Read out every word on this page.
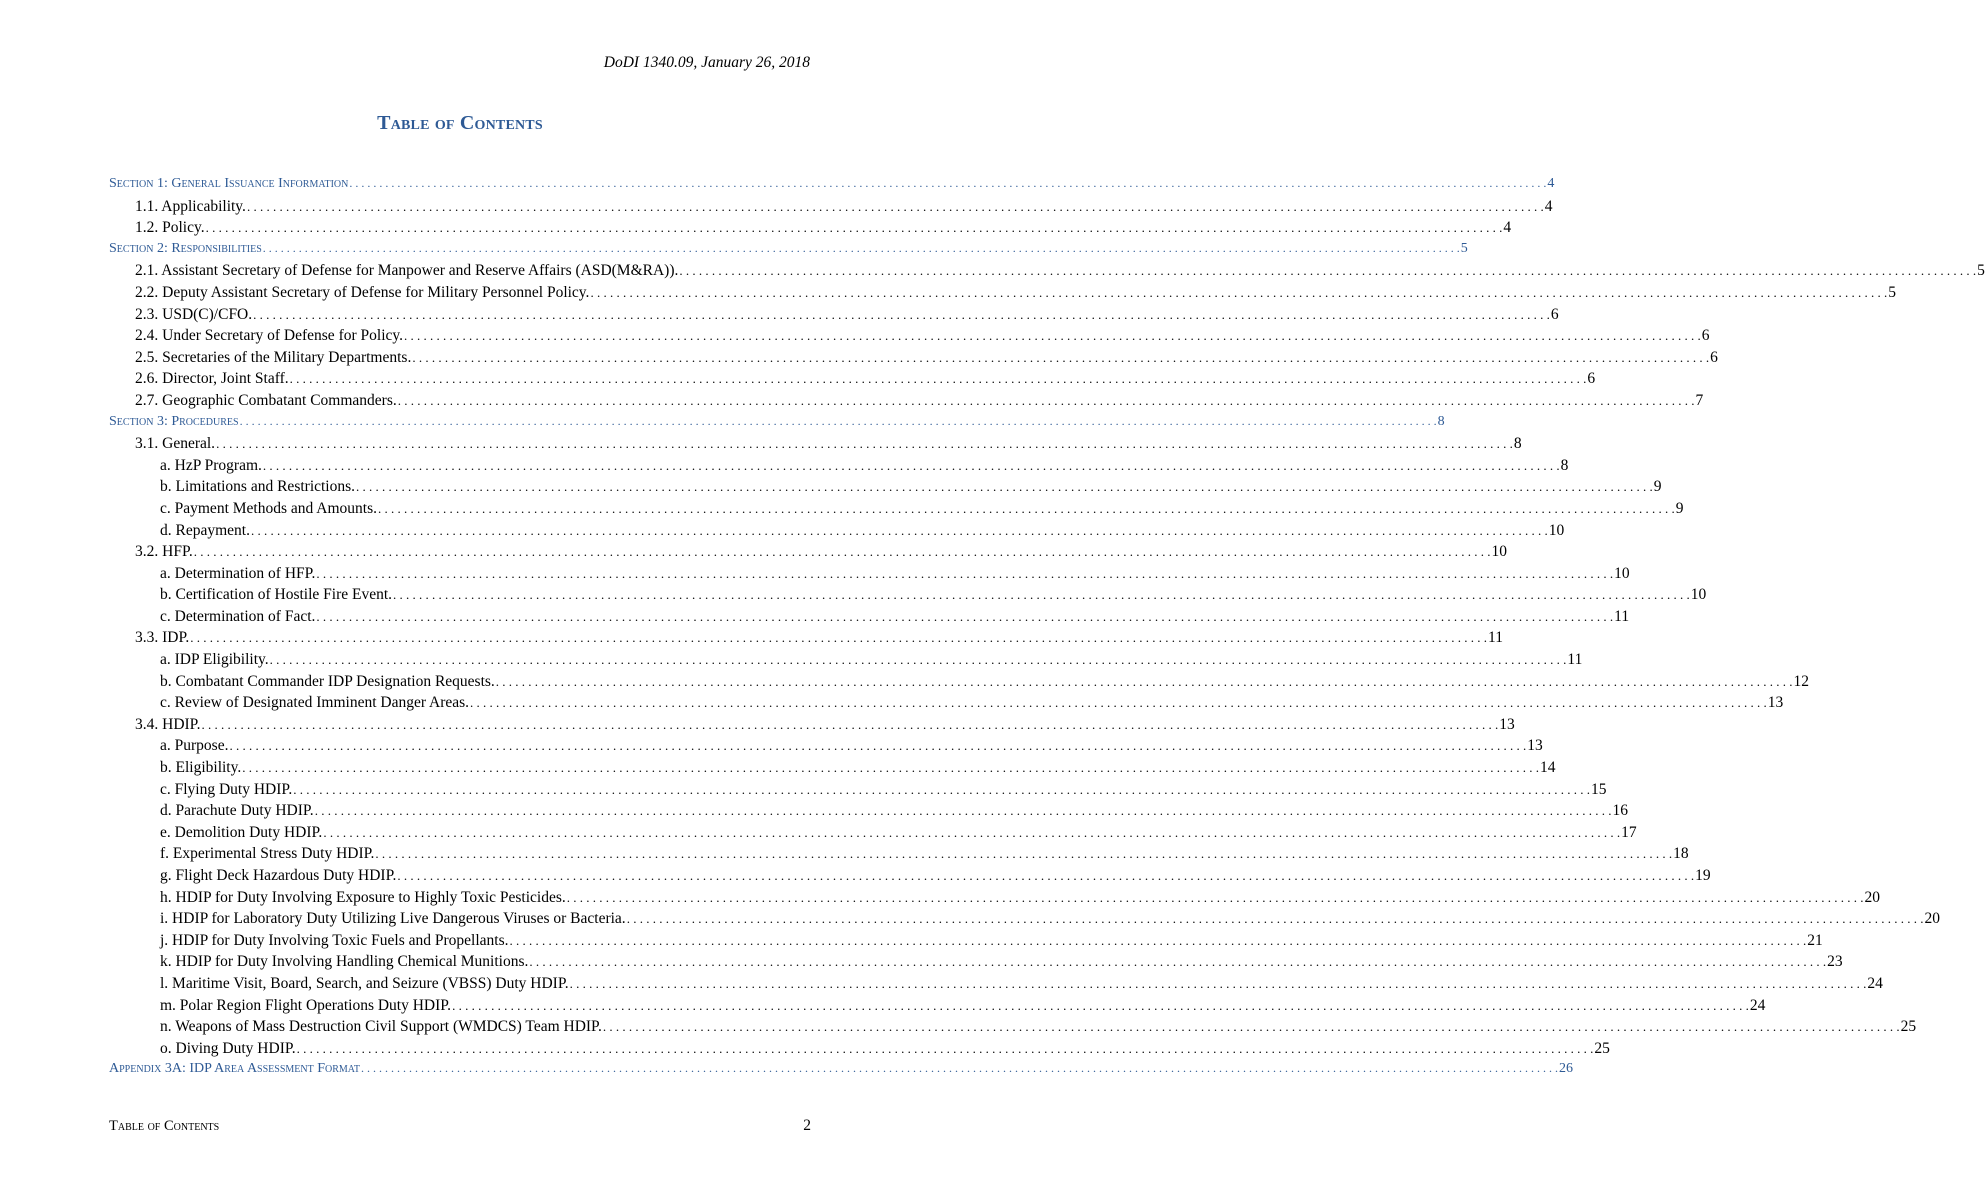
DoDI 1340.09, January 26, 2018
Table of Contents
Section 1: General Issuance Information . . . . . . . . . . . . . . . . . . . . . . . . . . . . . . . . . . . . . . . . . . . . . . . . . . . . . . . . . . . . . . . . . . . . . . . . . . . . . . . . . . . . . . . . . . . . . . . . . . . . . . . . . . . . . . . . . . . . . . . . . . . . . . . . . . . . . . . . . . . . . . . . . . . . . . . . . . . . . . . . . . . . . . . . . . . . . . . . . . . . . . . . . . . . . . . . . . . . . . . . 4
1.1. Applicability. . . . . . . . . . . . . . . . . . . . . . . . . . . . . . . . . . . . . . . . . . . . . . . . . . . . . . . . . . . . . . . . . . . . . . . . . . . . . . . . . . . . . . . . . . . . . . . . . . . . . . . . . . . . . . . . . . . . . . . . . . . . . . . . . . . . . . . . . . . . . . . . . . . . . . . . . . . . . . . . . . . . . . . . . . . . . . . . . . . . . . . . . . . . . . . . . . . . . . . . . 4
1.2. Policy. . . . . . . . . . . . . . . . . . . . . . . . . . . . . . . . . . . . . . . . . . . . . . . . . . . . . . . . . . . . . . . . . . . . . . . . . . . . . . . . . . . . . . . . . . . . . . . . . . . . . . . . . . . . . . . . . . . . . . . . . . . . . . . . . . . . . . . . . . . . . . . . . . . . . . . . . . . . . . . . . . . . . . . . . . . . . . . . . . . . . . . . . . . . . . . . . . . . . . . . . 4
Section 2: Responsibilities . . . . . . . . . . . . . . . . . . . . . . . . . . . . . . . . . . . . . . . . . . . . . . . . . . . . . . . . . . . . . . . . . . . . . . . . . . . . . . . . . . . . . . . . . . . . . . . . . . . . . . . . . . . . . . . . . . . . . . . . . . . . . . . . . . . . . . . . . . . . . . . . . . . . . . . . . . . . . . . . . . . . . . . . . . . . . . . . . . . . . . . . . . . . . . . . . . . . . . . . 5
2.1. Assistant Secretary of Defense for Manpower and Reserve Affairs (ASD(M&RA)). . . . . . . . . . . . . . . . . . . . . . . . . . . . . . . . . . . . . . . . . . . . . . . . . . . . . . . . . . . . . . . . . . . . . . . . . . . . . . . . . . . . . . . . . . . . . . . . . . . . . . . . . . . . . . . . . . . . . . . . . . . . . . . . . . . . . . . . . . . . . . . . . . . . . . . . . . . . . . . . . . . . . . . . . . . . . . . . . . . . . . . . . . . . . . . . . . . . . . . . . 5
2.2. Deputy Assistant Secretary of Defense for Military Personnel Policy. . . . . . . . . . . . . . . . . . . . . . . . . . . . . . . . . . . . . . . . . . . . . . . . . . . . . . . . . . . . . . . . . . . . . . . . . . . . . . . . . . . . . . . . . . . . . . . . . . . . . . . . . . . . . . . . . . . . . . . . . . . . . . . . . . . . . . . . . . . . . . . . . . . . . . . . . . . . . . . . . . . . . . . . . . . . . . . . . . . . . . . . . . . . . . . . . . . . . . . . . 5
2.3. USD(C)/CFO. . . . . . . . . . . . . . . . . . . . . . . . . . . . . . . . . . . . . . . . . . . . . . . . . . . . . . . . . . . . . . . . . . . . . . . . . . . . . . . . . . . . . . . . . . . . . . . . . . . . . . . . . . . . . . . . . . . . . . . . . . . . . . . . . . . . . . . . . . . . . . . . . . . . . . . . . . . . . . . . . . . . . . . . . . . . . . . . . . . . . . . . . . . . . . . . . . . . . . . . . 6
2.4. Under Secretary of Defense for Policy. . . . . . . . . . . . . . . . . . . . . . . . . . . . . . . . . . . . . . . . . . . . . . . . . . . . . . . . . . . . . . . . . . . . . . . . . . . . . . . . . . . . . . . . . . . . . . . . . . . . . . . . . . . . . . . . . . . . . . . . . . . . . . . . . . . . . . . . . . . . . . . . . . . . . . . . . . . . . . . . . . . . . . . . . . . . . . . . . . . . . . . . . . . . . . . . . . . . . . . . . 6
2.5. Secretaries of the Military Departments. . . . . . . . . . . . . . . . . . . . . . . . . . . . . . . . . . . . . . . . . . . . . . . . . . . . . . . . . . . . . . . . . . . . . . . . . . . . . . . . . . . . . . . . . . . . . . . . . . . . . . . . . . . . . . . . . . . . . . . . . . . . . . . . . . . . . . . . . . . . . . . . . . . . . . . . . . . . . . . . . . . . . . . . . . . . . . . . . . . . . . . . . . . . . . . . . . . . . . . . . 6
2.6. Director, Joint Staff. . . . . . . . . . . . . . . . . . . . . . . . . . . . . . . . . . . . . . . . . . . . . . . . . . . . . . . . . . . . . . . . . . . . . . . . . . . . . . . . . . . . . . . . . . . . . . . . . . . . . . . . . . . . . . . . . . . . . . . . . . . . . . . . . . . . . . . . . . . . . . . . . . . . . . . . . . . . . . . . . . . . . . . . . . . . . . . . . . . . . . . . . . . . . . . . . . . . . . . . . 6
2.7. Geographic Combatant Commanders. . . . . . . . . . . . . . . . . . . . . . . . . . . . . . . . . . . . . . . . . . . . . . . . . . . . . . . . . . . . . . . . . . . . . . . . . . . . . . . . . . . . . . . . . . . . . . . . . . . . . . . . . . . . . . . . . . . . . . . . . . . . . . . . . . . . . . . . . . . . . . . . . . . . . . . . . . . . . . . . . . . . . . . . . . . . . . . . . . . . . . . . . . . . . . . . . . . . . . . . . 7
Section 3: Procedures . . . . . . . . . . . . . . . . . . . . . . . . . . . . . . . . . . . . . . . . . . . . . . . . . . . . . . . . . . . . . . . . . . . . . . . . . . . . . . . . . . . . . . . . . . . . . . . . . . . . . . . . . . . . . . . . . . . . . . . . . . . . . . . . . . . . . . . . . . . . . . . . . . . . . . . . . . . . . . . . . . . . . . . . . . . . . . . . . . . . . . . . . . . . . . . . . . . . . . . . 8
3.1. General. . . . . . . . . . . . . . . . . . . . . . . . . . . . . . . . . . . . . . . . . . . . . . . . . . . . . . . . . . . . . . . . . . . . . . . . . . . . . . . . . . . . . . . . . . . . . . . . . . . . . . . . . . . . . . . . . . . . . . . . . . . . . . . . . . . . . . . . . . . . . . . . . . . . . . . . . . . . . . . . . . . . . . . . . . . . . . . . . . . . . . . . . . . . . . . . . . . . . . . . . 8
a. HzP Program. . . . . . . . . . . . . . . . . . . . . . . . . . . . . . . . . . . . . . . . . . . . . . . . . . . . . . . . . . . . . . . . . . . . . . . . . . . . . . . . . . . . . . . . . . . . . . . . . . . . . . . . . . . . . . . . . . . . . . . . . . . . . . . . . . . . . . . . . . . . . . . . . . . . . . . . . . . . . . . . . . . . . . . . . . . . . . . . . . . . . . . . . . . . . . . . . . . . . . . . . 8
b. Limitations and Restrictions. . . . . . . . . . . . . . . . . . . . . . . . . . . . . . . . . . . . . . . . . . . . . . . . . . . . . . . . . . . . . . . . . . . . . . . . . . . . . . . . . . . . . . . . . . . . . . . . . . . . . . . . . . . . . . . . . . . . . . . . . . . . . . . . . . . . . . . . . . . . . . . . . . . . . . . . . . . . . . . . . . . . . . . . . . . . . . . . . . . . . . . . . . . . . . . . . . . . . . . . . 9
c. Payment Methods and Amounts. . . . . . . . . . . . . . . . . . . . . . . . . . . . . . . . . . . . . . . . . . . . . . . . . . . . . . . . . . . . . . . . . . . . . . . . . . . . . . . . . . . . . . . . . . . . . . . . . . . . . . . . . . . . . . . . . . . . . . . . . . . . . . . . . . . . . . . . . . . . . . . . . . . . . . . . . . . . . . . . . . . . . . . . . . . . . . . . . . . . . . . . . . . . . . . . . . . . . . . . . 9
d. Repayment. . . . . . . . . . . . . . . . . . . . . . . . . . . . . . . . . . . . . . . . . . . . . . . . . . . . . . . . . . . . . . . . . . . . . . . . . . . . . . . . . . . . . . . . . . . . . . . . . . . . . . . . . . . . . . . . . . . . . . . . . . . . . . . . . . . . . . . . . . . . . . . . . . . . . . . . . . . . . . . . . . . . . . . . . . . . . . . . . . . . . . . . . . . . . . . . . . . . . . . . . 10
3.2. HFP. . . . . . . . . . . . . . . . . . . . . . . . . . . . . . . . . . . . . . . . . . . . . . . . . . . . . . . . . . . . . . . . . . . . . . . . . . . . . . . . . . . . . . . . . . . . . . . . . . . . . . . . . . . . . . . . . . . . . . . . . . . . . . . . . . . . . . . . . . . . . . . . . . . . . . . . . . . . . . . . . . . . . . . . . . . . . . . . . . . . . . . . . . . . . . . . . . . . . . . . . 10
a. Determination of HFP. . . . . . . . . . . . . . . . . . . . . . . . . . . . . . . . . . . . . . . . . . . . . . . . . . . . . . . . . . . . . . . . . . . . . . . . . . . . . . . . . . . . . . . . . . . . . . . . . . . . . . . . . . . . . . . . . . . . . . . . . . . . . . . . . . . . . . . . . . . . . . . . . . . . . . . . . . . . . . . . . . . . . . . . . . . . . . . . . . . . . . . . . . . . . . . . . . . . . . . . . 10
b. Certification of Hostile Fire Event. . . . . . . . . . . . . . . . . . . . . . . . . . . . . . . . . . . . . . . . . . . . . . . . . . . . . . . . . . . . . . . . . . . . . . . . . . . . . . . . . . . . . . . . . . . . . . . . . . . . . . . . . . . . . . . . . . . . . . . . . . . . . . . . . . . . . . . . . . . . . . . . . . . . . . . . . . . . . . . . . . . . . . . . . . . . . . . . . . . . . . . . . . . . . . . . . . . . . . . . . 10
c. Determination of Fact. . . . . . . . . . . . . . . . . . . . . . . . . . . . . . . . . . . . . . . . . . . . . . . . . . . . . . . . . . . . . . . . . . . . . . . . . . . . . . . . . . . . . . . . . . . . . . . . . . . . . . . . . . . . . . . . . . . . . . . . . . . . . . . . . . . . . . . . . . . . . . . . . . . . . . . . . . . . . . . . . . . . . . . . . . . . . . . . . . . . . . . . . . . . . . . . . . . . . . . . . 11
3.3. IDP. . . . . . . . . . . . . . . . . . . . . . . . . . . . . . . . . . . . . . . . . . . . . . . . . . . . . . . . . . . . . . . . . . . . . . . . . . . . . . . . . . . . . . . . . . . . . . . . . . . . . . . . . . . . . . . . . . . . . . . . . . . . . . . . . . . . . . . . . . . . . . . . . . . . . . . . . . . . . . . . . . . . . . . . . . . . . . . . . . . . . . . . . . . . . . . . . . . . . . . . . 11
a. IDP Eligibility. . . . . . . . . . . . . . . . . . . . . . . . . . . . . . . . . . . . . . . . . . . . . . . . . . . . . . . . . . . . . . . . . . . . . . . . . . . . . . . . . . . . . . . . . . . . . . . . . . . . . . . . . . . . . . . . . . . . . . . . . . . . . . . . . . . . . . . . . . . . . . . . . . . . . . . . . . . . . . . . . . . . . . . . . . . . . . . . . . . . . . . . . . . . . . . . . . . . . . . . . 11
b. Combatant Commander IDP Designation Requests. . . . . . . . . . . . . . . . . . . . . . . . . . . . . . . . . . . . . . . . . . . . . . . . . . . . . . . . . . . . . . . . . . . . . . . . . . . . . . . . . . . . . . . . . . . . . . . . . . . . . . . . . . . . . . . . . . . . . . . . . . . . . . . . . . . . . . . . . . . . . . . . . . . . . . . . . . . . . . . . . . . . . . . . . . . . . . . . . . . . . . . . . . . . . . . . . . . . . . . . . 12
c. Review of Designated Imminent Danger Areas. . . . . . . . . . . . . . . . . . . . . . . . . . . . . . . . . . . . . . . . . . . . . . . . . . . . . . . . . . . . . . . . . . . . . . . . . . . . . . . . . . . . . . . . . . . . . . . . . . . . . . . . . . . . . . . . . . . . . . . . . . . . . . . . . . . . . . . . . . . . . . . . . . . . . . . . . . . . . . . . . . . . . . . . . . . . . . . . . . . . . . . . . . . . . . . . . . . . . . . . . 13
3.4. HDIP. . . . . . . . . . . . . . . . . . . . . . . . . . . . . . . . . . . . . . . . . . . . . . . . . . . . . . . . . . . . . . . . . . . . . . . . . . . . . . . . . . . . . . . . . . . . . . . . . . . . . . . . . . . . . . . . . . . . . . . . . . . . . . . . . . . . . . . . . . . . . . . . . . . . . . . . . . . . . . . . . . . . . . . . . . . . . . . . . . . . . . . . . . . . . . . . . . . . . . . . . 13
a. Purpose. . . . . . . . . . . . . . . . . . . . . . . . . . . . . . . . . . . . . . . . . . . . . . . . . . . . . . . . . . . . . . . . . . . . . . . . . . . . . . . . . . . . . . . . . . . . . . . . . . . . . . . . . . . . . . . . . . . . . . . . . . . . . . . . . . . . . . . . . . . . . . . . . . . . . . . . . . . . . . . . . . . . . . . . . . . . . . . . . . . . . . . . . . . . . . . . . . . . . . . . . 13
b. Eligibility. . . . . . . . . . . . . . . . . . . . . . . . . . . . . . . . . . . . . . . . . . . . . . . . . . . . . . . . . . . . . . . . . . . . . . . . . . . . . . . . . . . . . . . . . . . . . . . . . . . . . . . . . . . . . . . . . . . . . . . . . . . . . . . . . . . . . . . . . . . . . . . . . . . . . . . . . . . . . . . . . . . . . . . . . . . . . . . . . . . . . . . . . . . . . . . . . . . . . . . . . 14
c. Flying Duty HDIP. . . . . . . . . . . . . . . . . . . . . . . . . . . . . . . . . . . . . . . . . . . . . . . . . . . . . . . . . . . . . . . . . . . . . . . . . . . . . . . . . . . . . . . . . . . . . . . . . . . . . . . . . . . . . . . . . . . . . . . . . . . . . . . . . . . . . . . . . . . . . . . . . . . . . . . . . . . . . . . . . . . . . . . . . . . . . . . . . . . . . . . . . . . . . . . . . . . . . . . . . 15
d. Parachute Duty HDIP. . . . . . . . . . . . . . . . . . . . . . . . . . . . . . . . . . . . . . . . . . . . . . . . . . . . . . . . . . . . . . . . . . . . . . . . . . . . . . . . . . . . . . . . . . . . . . . . . . . . . . . . . . . . . . . . . . . . . . . . . . . . . . . . . . . . . . . . . . . . . . . . . . . . . . . . . . . . . . . . . . . . . . . . . . . . . . . . . . . . . . . . . . . . . . . . . . . . . . . . . 16
e. Demolition Duty HDIP. . . . . . . . . . . . . . . . . . . . . . . . . . . . . . . . . . . . . . . . . . . . . . . . . . . . . . . . . . . . . . . . . . . . . . . . . . . . . . . . . . . . . . . . . . . . . . . . . . . . . . . . . . . . . . . . . . . . . . . . . . . . . . . . . . . . . . . . . . . . . . . . . . . . . . . . . . . . . . . . . . . . . . . . . . . . . . . . . . . . . . . . . . . . . . . . . . . . . . . . . 17
f. Experimental Stress Duty HDIP. . . . . . . . . . . . . . . . . . . . . . . . . . . . . . . . . . . . . . . . . . . . . . . . . . . . . . . . . . . . . . . . . . . . . . . . . . . . . . . . . . . . . . . . . . . . . . . . . . . . . . . . . . . . . . . . . . . . . . . . . . . . . . . . . . . . . . . . . . . . . . . . . . . . . . . . . . . . . . . . . . . . . . . . . . . . . . . . . . . . . . . . . . . . . . . . . . . . . . . . . 18
g. Flight Deck Hazardous Duty HDIP. . . . . . . . . . . . . . . . . . . . . . . . . . . . . . . . . . . . . . . . . . . . . . . . . . . . . . . . . . . . . . . . . . . . . . . . . . . . . . . . . . . . . . . . . . . . . . . . . . . . . . . . . . . . . . . . . . . . . . . . . . . . . . . . . . . . . . . . . . . . . . . . . . . . . . . . . . . . . . . . . . . . . . . . . . . . . . . . . . . . . . . . . . . . . . . . . . . . . . . . . 19
h. HDIP for Duty Involving Exposure to Highly Toxic Pesticides. . . . . . . . . . . . . . . . . . . . . . . . . . . . . . . . . . . . . . . . . . . . . . . . . . . . . . . . . . . . . . . . . . . . . . . . . . . . . . . . . . . . . . . . . . . . . . . . . . . . . . . . . . . . . . . . . . . . . . . . . . . . . . . . . . . . . . . . . . . . . . . . . . . . . . . . . . . . . . . . . . . . . . . . . . . . . . . . . . . . . . . . . . . . . . . . . . . . . . . . . 20
i. HDIP for Laboratory Duty Utilizing Live Dangerous Viruses or Bacteria. . . . . . . . . . . . . . . . . . . . . . . . . . . . . . . . . . . . . . . . . . . . . . . . . . . . . . . . . . . . . . . . . . . . . . . . . . . . . . . . . . . . . . . . . . . . . . . . . . . . . . . . . . . . . . . . . . . . . . . . . . . . . . . . . . . . . . . . . . . . . . . . . . . . . . . . . . . . . . . . . . . . . . . . . . . . . . . . . . . . . . . . . . . . . . . . . . . . . . . . . 20
j. HDIP for Duty Involving Toxic Fuels and Propellants. . . . . . . . . . . . . . . . . . . . . . . . . . . . . . . . . . . . . . . . . . . . . . . . . . . . . . . . . . . . . . . . . . . . . . . . . . . . . . . . . . . . . . . . . . . . . . . . . . . . . . . . . . . . . . . . . . . . . . . . . . . . . . . . . . . . . . . . . . . . . . . . . . . . . . . . . . . . . . . . . . . . . . . . . . . . . . . . . . . . . . . . . . . . . . . . . . . . . . . . . 21
k. HDIP for Duty Involving Handling Chemical Munitions. . . . . . . . . . . . . . . . . . . . . . . . . . . . . . . . . . . . . . . . . . . . . . . . . . . . . . . . . . . . . . . . . . . . . . . . . . . . . . . . . . . . . . . . . . . . . . . . . . . . . . . . . . . . . . . . . . . . . . . . . . . . . . . . . . . . . . . . . . . . . . . . . . . . . . . . . . . . . . . . . . . . . . . . . . . . . . . . . . . . . . . . . . . . . . . . . . . . . . . . . 23
l. Maritime Visit, Board, Search, and Seizure (VBSS) Duty HDIP. . . . . . . . . . . . . . . . . . . . . . . . . . . . . . . . . . . . . . . . . . . . . . . . . . . . . . . . . . . . . . . . . . . . . . . . . . . . . . . . . . . . . . . . . . . . . . . . . . . . . . . . . . . . . . . . . . . . . . . . . . . . . . . . . . . . . . . . . . . . . . . . . . . . . . . . . . . . . . . . . . . . . . . . . . . . . . . . . . . . . . . . . . . . . . . . . . . . . . . . . 24
m. Polar Region Flight Operations Duty HDIP. . . . . . . . . . . . . . . . . . . . . . . . . . . . . . . . . . . . . . . . . . . . . . . . . . . . . . . . . . . . . . . . . . . . . . . . . . . . . . . . . . . . . . . . . . . . . . . . . . . . . . . . . . . . . . . . . . . . . . . . . . . . . . . . . . . . . . . . . . . . . . . . . . . . . . . . . . . . . . . . . . . . . . . . . . . . . . . . . . . . . . . . . . . . . . . . . . . . . . . . . 24
n. Weapons of Mass Destruction Civil Support (WMDCS) Team HDIP. . . . . . . . . . . . . . . . . . . . . . . . . . . . . . . . . . . . . . . . . . . . . . . . . . . . . . . . . . . . . . . . . . . . . . . . . . . . . . . . . . . . . . . . . . . . . . . . . . . . . . . . . . . . . . . . . . . . . . . . . . . . . . . . . . . . . . . . . . . . . . . . . . . . . . . . . . . . . . . . . . . . . . . . . . . . . . . . . . . . . . . . . . . . . . . . . . . . . . . . . 25
o. Diving Duty HDIP. . . . . . . . . . . . . . . . . . . . . . . . . . . . . . . . . . . . . . . . . . . . . . . . . . . . . . . . . . . . . . . . . . . . . . . . . . . . . . . . . . . . . . . . . . . . . . . . . . . . . . . . . . . . . . . . . . . . . . . . . . . . . . . . . . . . . . . . . . . . . . . . . . . . . . . . . . . . . . . . . . . . . . . . . . . . . . . . . . . . . . . . . . . . . . . . . . . . . . . . . 25
Appendix 3A: IDP Area Assessment Format . . . . . . . . . . . . . . . . . . . . . . . . . . . . . . . . . . . . . . . . . . . . . . . . . . . . . . . . . . . . . . . . . . . . . . . . . . . . . . . . . . . . . . . . . . . . . . . . . . . . . . . . . . . . . . . . . . . . . . . . . . . . . . . . . . . . . . . . . . . . . . . . . . . . . . . . . . . . . . . . . . . . . . . . . . . . . . . . . . . . . . . . . . . . . . . . . . . . . . . . 26
Table of Contents	2
